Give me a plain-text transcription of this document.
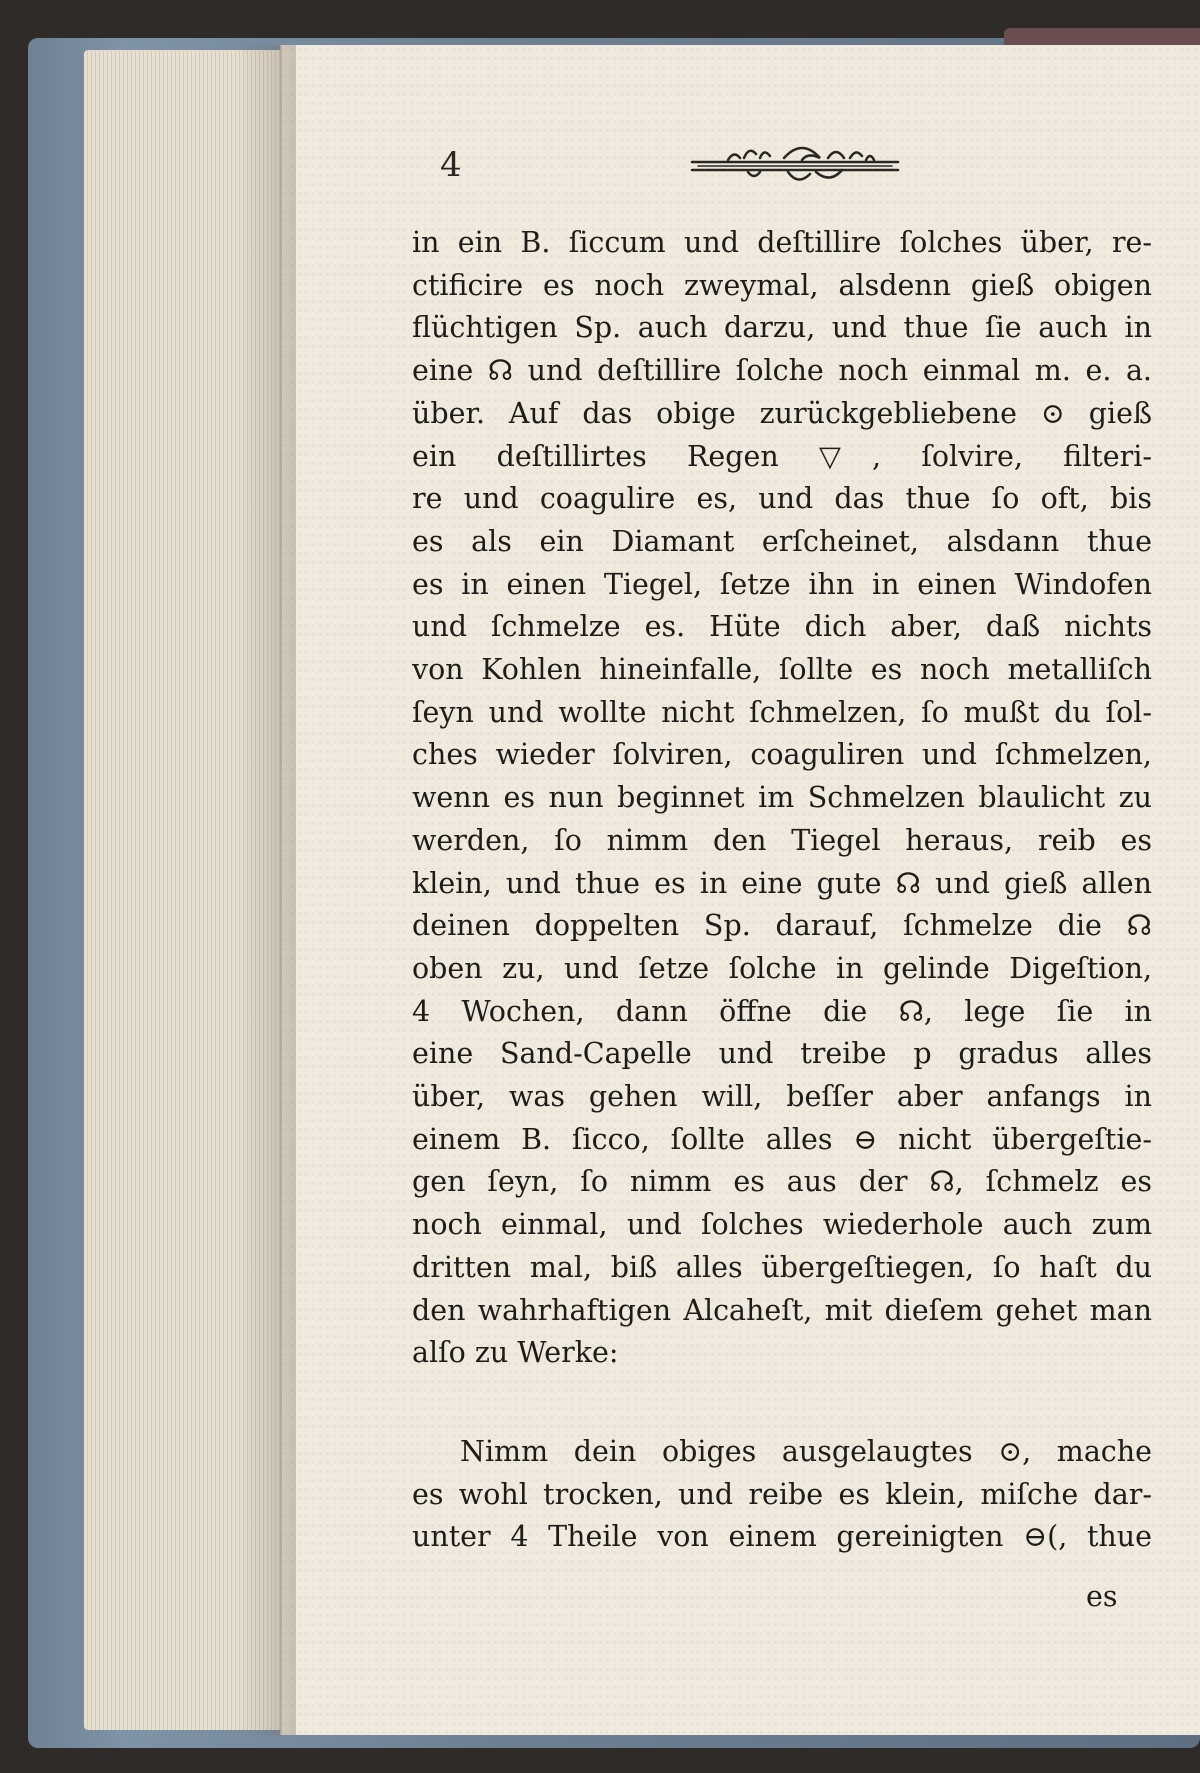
4
in ein B. ſiccum und deſtillire ſolches über, re-
ctificire es noch zweymal, alsdenn gieß obigen
flüchtigen Sp. auch darzu, und thue ſie auch in
eine ☊ und deſtillire ſolche noch einmal m. e. a.
über. Auf das obige zurückgebliebene ⊙ gieß
ein deſtillirtes Regen ▽, ſolvire, filteri-
re und coagulire es, und das thue ſo oft, bis
es als ein Diamant erſcheinet, alsdann thue
es in einen Tiegel, ſetze ihn in einen Windofen
und ſchmelze es. Hüte dich aber, daß nichts
von Kohlen hineinfalle, ſollte es noch metalliſch
ſeyn und wollte nicht ſchmelzen, ſo mußt du ſol-
ches wieder ſolviren, coaguliren und ſchmelzen,
wenn es nun beginnet im Schmelzen blaulicht zu
werden, ſo nimm den Tiegel heraus, reib es
klein, und thue es in eine gute ☊ und gieß allen
deinen doppelten Sp. darauf, ſchmelze die ☊
oben zu, und ſetze ſolche in gelinde Digeſtion,
4 Wochen, dann öffne die ☊, lege ſie in
eine Sand-Capelle und treibe p gradus alles
über, was gehen will, beſſer aber anfangs in
einem B. ſicco, ſollte alles ⊖ nicht übergeſtie-
gen ſeyn, ſo nimm es aus der ☊, ſchmelz es
noch einmal, und ſolches wiederhole auch zum
dritten mal, biß alles übergeſtiegen, ſo haſt du
den wahrhaftigen Alcaheſt, mit dieſem gehet man
alſo zu Werke:
Nimm dein obiges ausgelaugtes ⊙, mache
es wohl trocken, und reibe es klein, miſche dar-
unter 4 Theile von einem gereinigten ⊖(, thue
es
